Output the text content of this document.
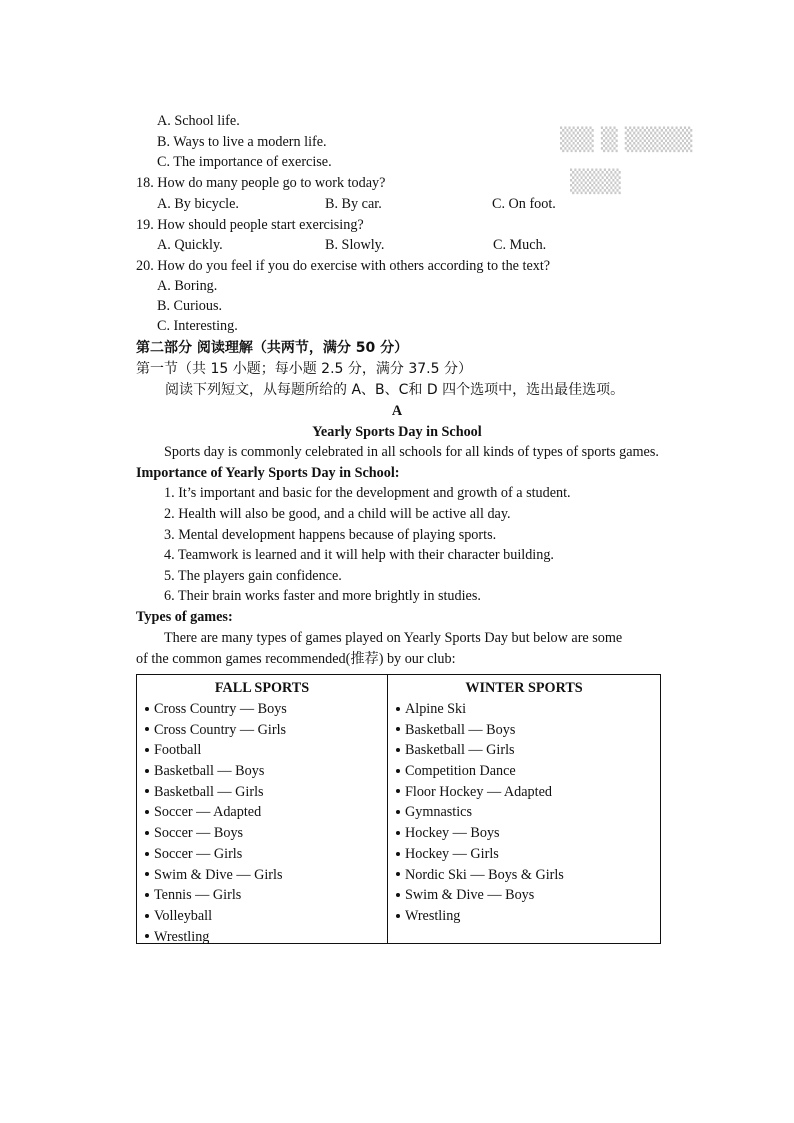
▒▒ ▒ ▒▒▒▒
▒▒▒
A. School life.
B. Ways to live a modern life.
C. The importance of exercise.
18. How do many people go to work today?
A. By bicycle.	B. By car.	C. On foot.
19. How should people start exercising?
A. Quickly.	B. Slowly.	C. Much.
20. How do you feel if you do exercise with others according to the text?
A. Boring.
B. Curious.
C. Interesting.
第二部分 阅读理解（共两节，满分 50 分）
第一节（共 15 小题；每小题 2.5 分，满分 37.5 分）
阅读下列短文，从每题所给的 A、B、C和 D 四个选项中，选出最佳选项。
A
Yearly Sports Day in School
Sports day is commonly celebrated in all schools for all kinds of types of sports games.
Importance of Yearly Sports Day in School:
1. It’s important and basic for the development and growth of a student.
2. Health will also be good, and a child will be active all day.
3. Mental development happens because of playing sports.
4. Teamwork is learned and it will help with their character building.
5. The players gain confidence.
6. Their brain works faster and more brightly in studies.
Types of games:
There are many types of games played on Yearly Sports Day but below are some
of the common games recommended(推荐) by our club:
FALL SPORTS
Cross Country — Boys
Cross Country — Girls
Football
Basketball — Boys
Basketball — Girls
Soccer — Adapted
Soccer — Boys
Soccer — Girls
Swim & Dive — Girls
Tennis — Girls
Volleyball
Wrestling
WINTER SPORTS
Alpine Ski
Basketball — Boys
Basketball — Girls
Competition Dance
Floor Hockey — Adapted
Gymnastics
Hockey — Boys
Hockey — Girls
Nordic Ski — Boys & Girls
Swim & Dive — Boys
Wrestling
